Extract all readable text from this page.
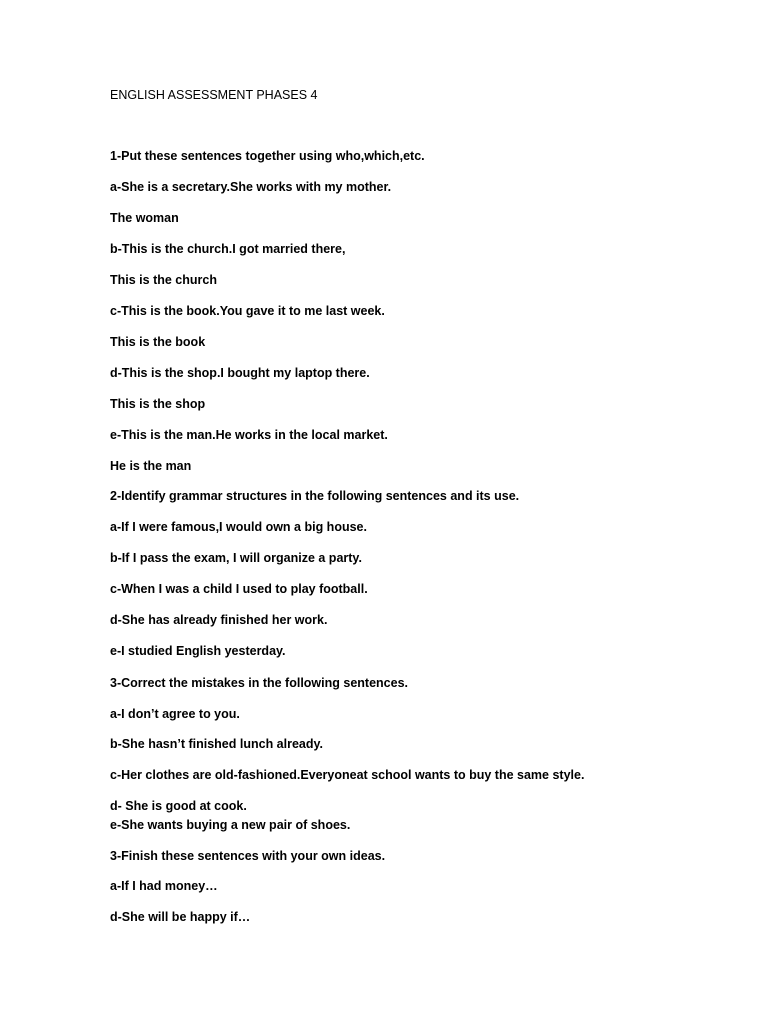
ENGLISH ASSESSMENT PHASES 4
1-Put these sentences together using who,which,etc.
a-She is a secretary.She works with my mother.
The woman
b-This is the church.I got married there,
This is the church
c-This is the book.You gave it to me last week.
This is the book
d-This is the shop.I bought my laptop there.
This is the shop
e-This is the man.He works in the local market.
He is the man
2-Identify grammar structures in the following sentences and its use.
a-If I were famous,I would own a big house.
b-If I pass the exam, I will organize a party.
c-When I was a child I used to play football.
d-She has already finished her work.
e-I studied English yesterday.
3-Correct the mistakes in the following sentences.
a-I don’t agree to you.
b-She hasn’t finished lunch already.
c-Her clothes are old-fashioned.Everyoneat school wants to buy the same style.
d- She is good at cook.
e-She wants buying a new pair of shoes.
3-Finish these sentences with your own ideas.
a-If I had money…
d-She will be happy if…
